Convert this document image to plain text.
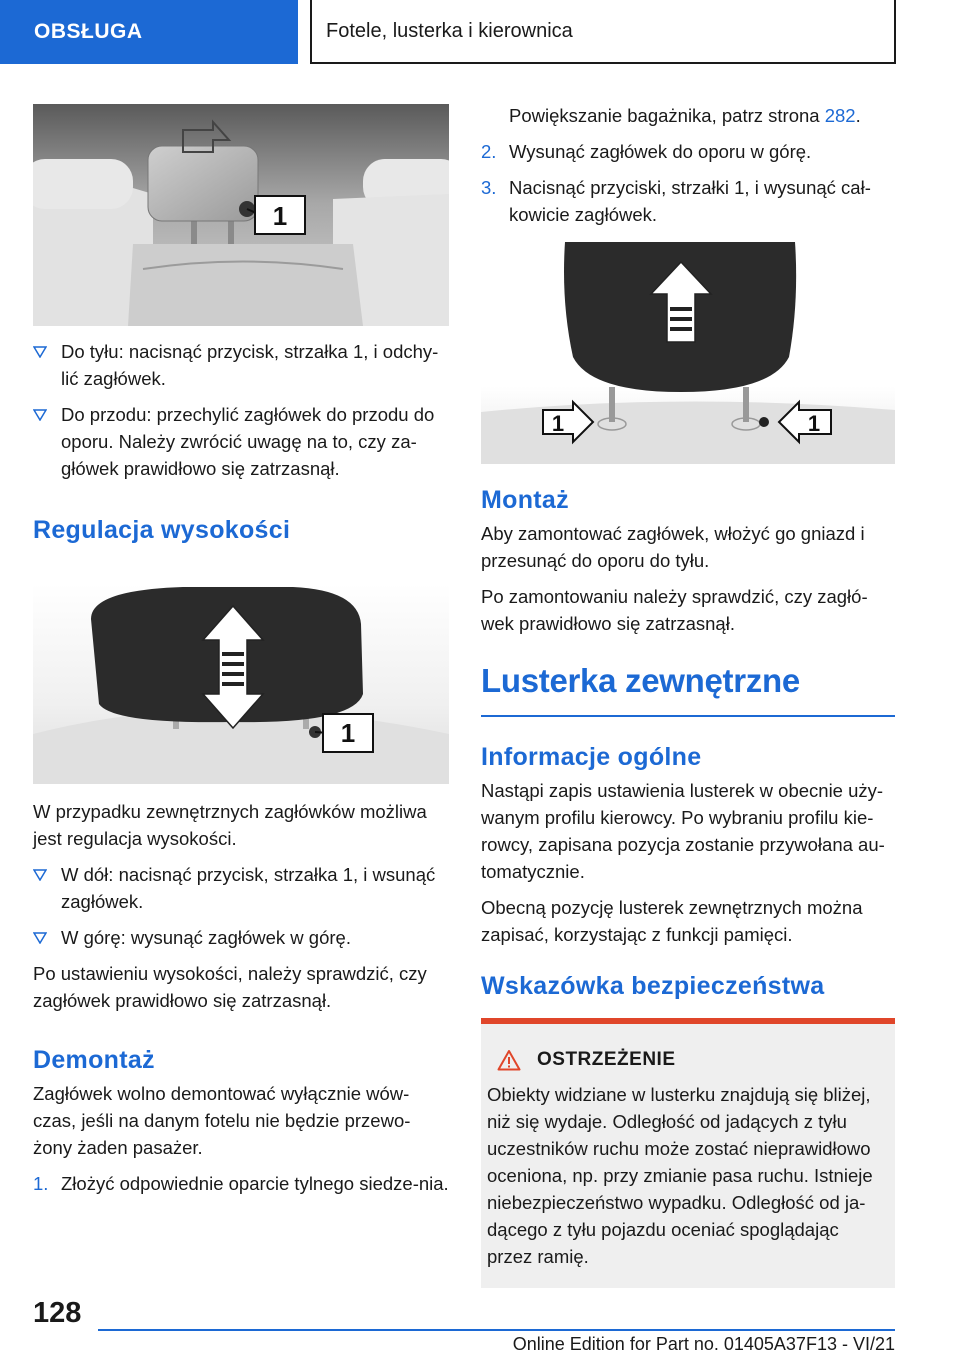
OBSŁUGA	Fotele, lusterka i kierownica
1
Do tyłu: nacisnąć przycisk, strzałka 1, i odchy-lić zagłówek.
Do przodu: przechylić zagłówek do przodu do oporu. Należy zwrócić uwagę na to, czy za-główek prawidłowo się zatrzasnął.
Regulacja wysokości
1

W przypadku zewnętrznych zagłówków możliwa jest regulacja wysokości.

W dół: nacisnąć przycisk, strzałka 1, i wsunąć zagłówek.
W górę: wysunąć zagłówek w górę.

Po ustawieniu wysokości, należy sprawdzić, czy zagłówek prawidłowo się zatrzasnął.

Demontaż

Zagłówek wolno demontować wyłącznie wów-czas, jeśli na danym fotelu nie będzie przewo-żony żaden pasażer.

1. Złożyć odpowiednie oparcie tylnego siedze-nia.

Powiększanie bagażnika, patrz strona 282.

2. Wysunąć zagłówek do oporu w górę.
3. Nacisnąć przyciski, strzałki 1, i wysunąć cał-kowicie zagłówek.
1	1
Montaż

Aby zamontować zagłówek, włożyć go gniazd i przesunąć do oporu do tyłu.

Po zamontowaniu należy sprawdzić, czy zagłó-wek prawidłowo się zatrzasnął.

Lusterka zewnętrzne
Informacje ogólne

Nastąpi zapis ustawienia lusterek w obecnie uży-wanym profilu kierowcy. Po wybraniu profilu kie-rowcy, zapisana pozycja zostanie przywołana au-tomatycznie.

Obecną pozycję lusterek zewnętrznych można zapisać, korzystając z funkcji pamięci.

Wskazówka bezpieczeństwa
OSTRZEŻENIE

Obiekty widziane w lusterku znajdują się bliżej, niż się wydaje. Odległość od jadących z tyłu uczestników ruchu może zostać nieprawidłowo oceniona, np. przy zmianie pasa ruchu. Istnieje niebezpieczeństwo wypadku. Odległość od ja-dącego z tyłu pojazdu oceniać spoglądając przez ramię.

128
Online Edition for Part no. 01405A37F13 - VI/21
